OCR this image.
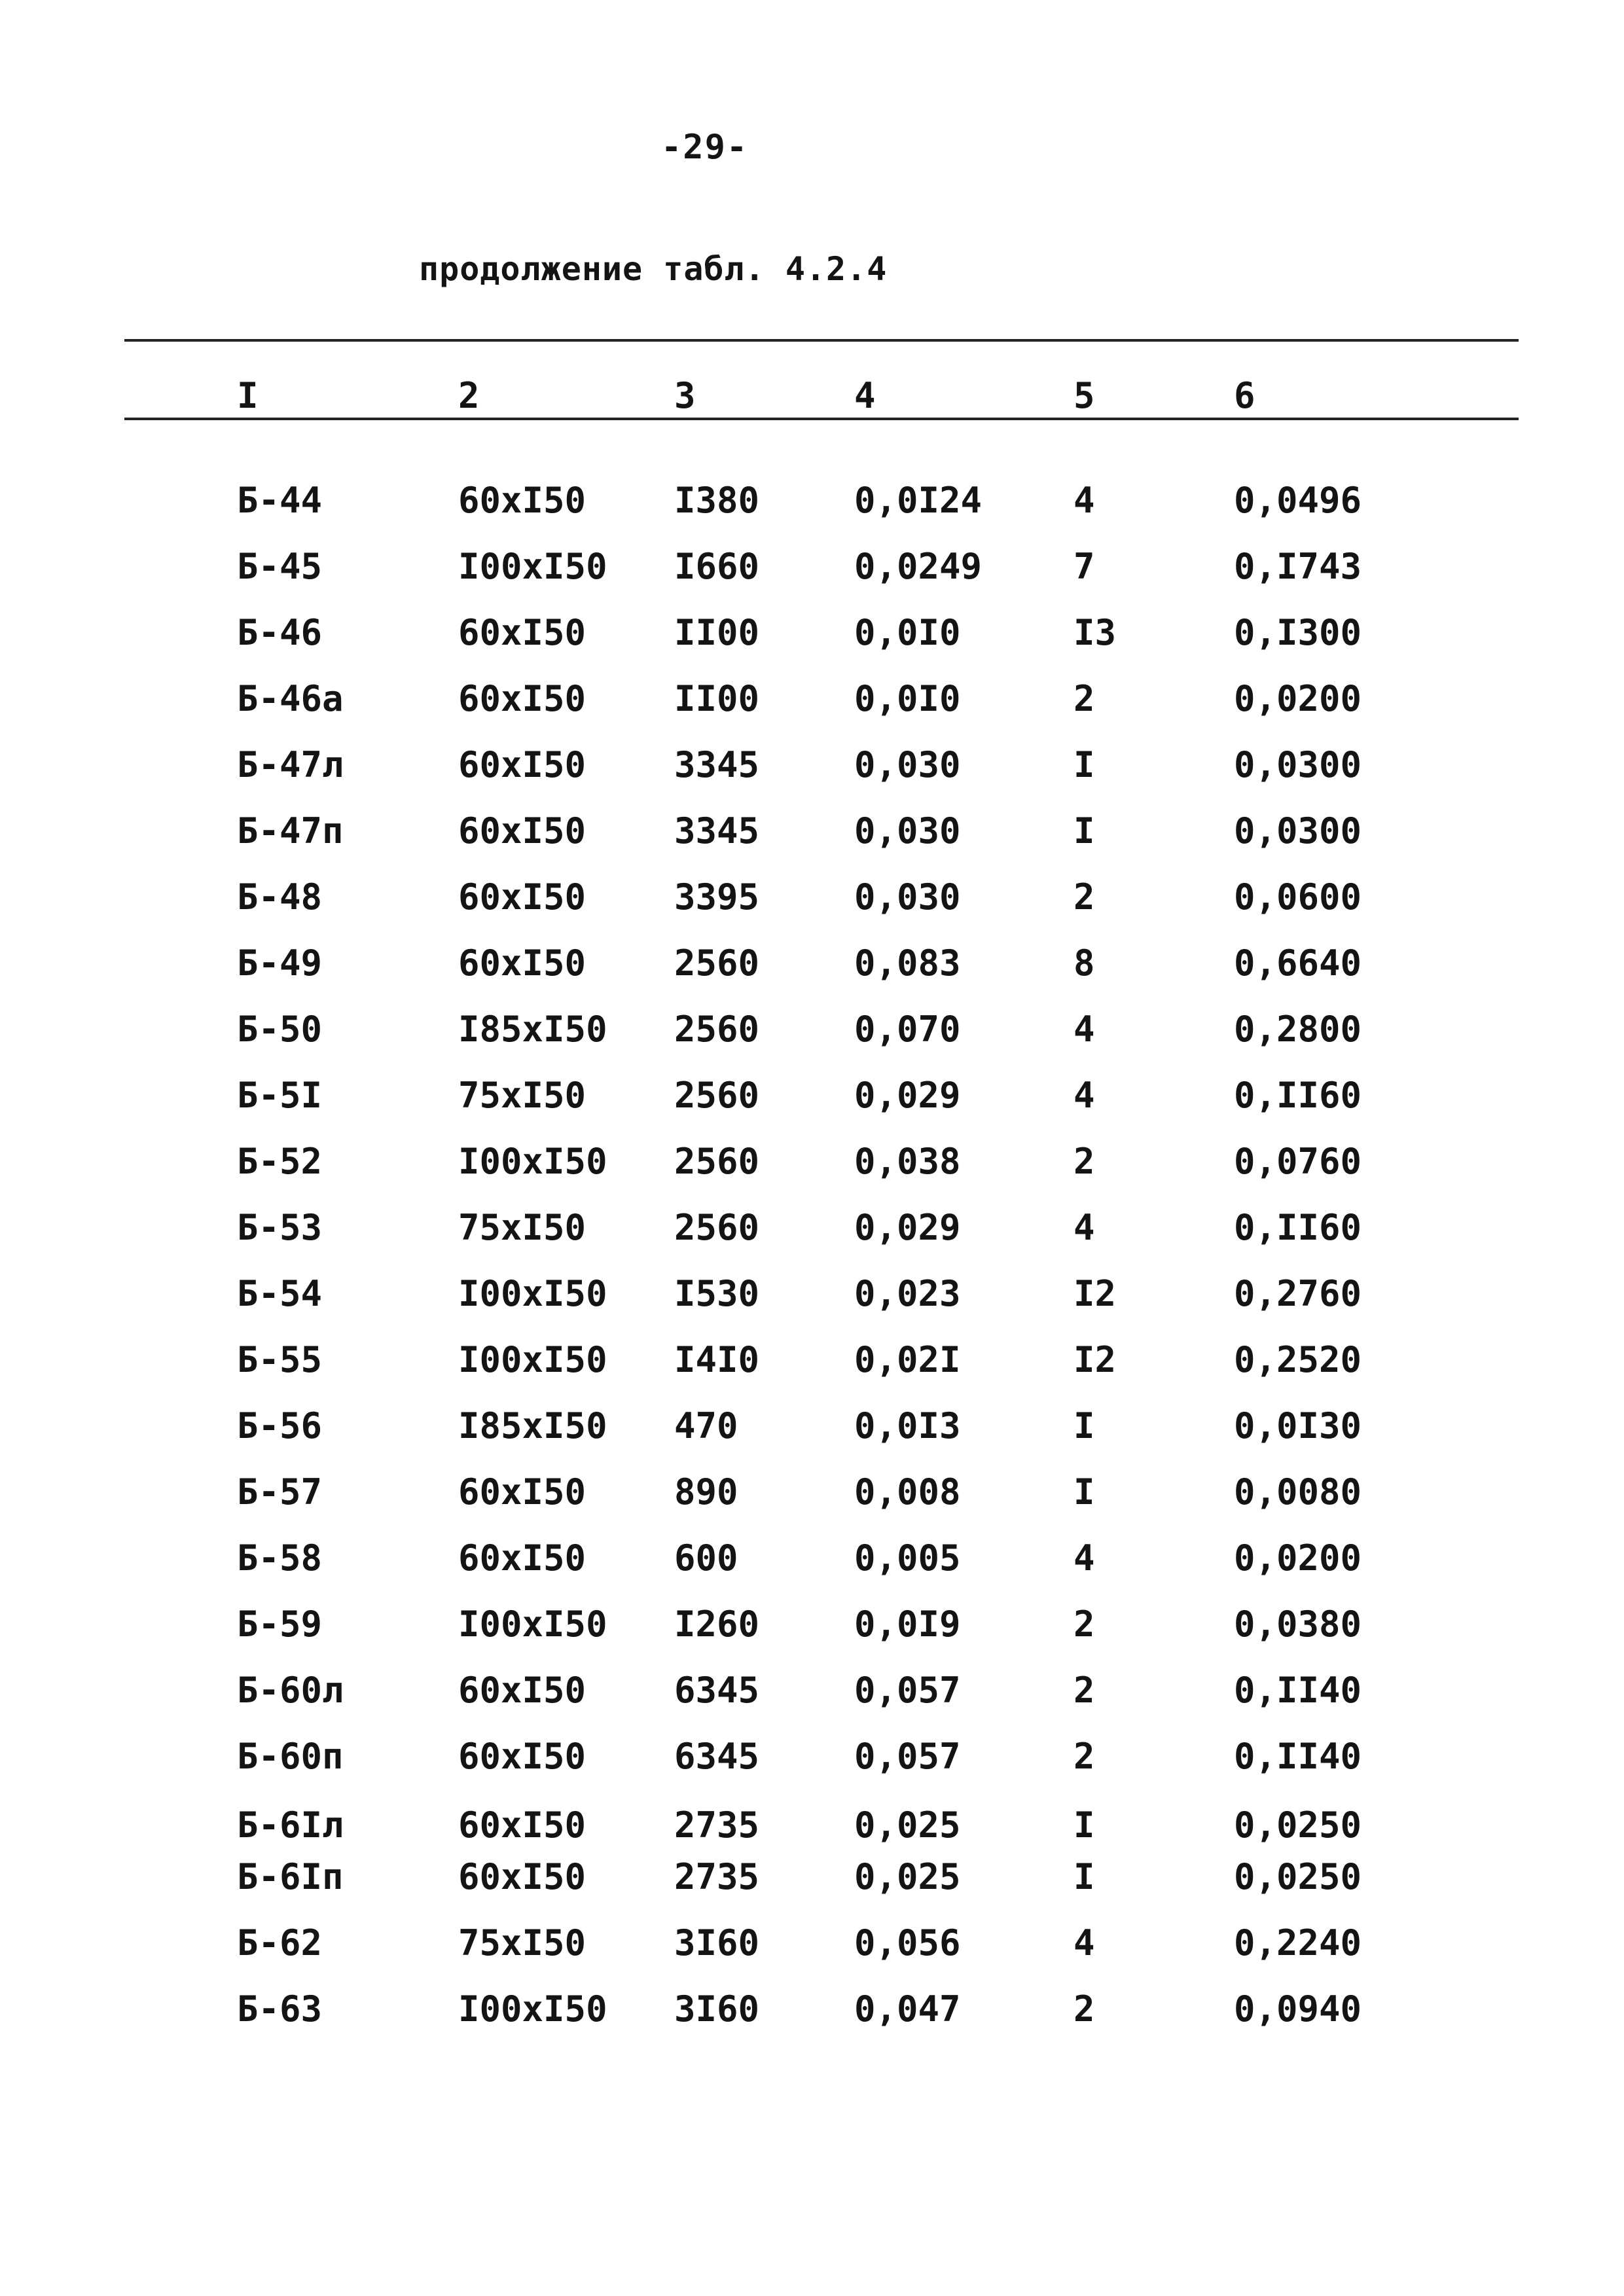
-29-
продолжение табл. 4.2.4
I	2	3	4	5	6
Б-44	60xI50 I380	0,0I24	4	0,0496
Б-45	I00xI50 I660	0,0249	7	0,I743
Б-46	60xI50 II00	0,0I0	I3	0,I300
Б-46а	60xI50 II00	0,0I0	2	0,0200
Б-47л	60xI50 3345	0,030	I	0,0300
Б-47п	60xI50 3345	0,030	I	0,0300
Б-48	60xI50 3395	0,030	2	0,0600
Б-49	60xI50 2560	0,083	8	0,6640
Б-50	I85xI50 2560	0,070	4	0,2800
Б-5I	75xI50 2560	0,029	4	0,II60
Б-52	I00xI50 2560	0,038	2	0,0760
Б-53	75xI50 2560	0,029	4	0,II60
Б-54	I00xI50 I530	0,023	I2	0,2760
Б-55	I00xI50 I4I0	0,02I	I2	0,2520
Б-56	I85xI50 470	0,0I3	I	0,0I30
Б-57	60xI50 890	0,008	I	0,0080
Б-58	60xI50 600	0,005	4	0,0200
Б-59	I00xI50 I260	0,0I9	2	0,0380
Б-60л	60xI50 6345	0,057	2	0,II40
Б-60п	60xI50 6345	0,057	2	0,II40
Б-6Iл	60xI50 2735	0,025	I	0,0250
Б-6Iп	60xI50 2735	0,025	I	0,0250
Б-62	75xI50 3I60	0,056	4	0,2240
Б-63	I00xI50 3I60	0,047	2	0,0940
